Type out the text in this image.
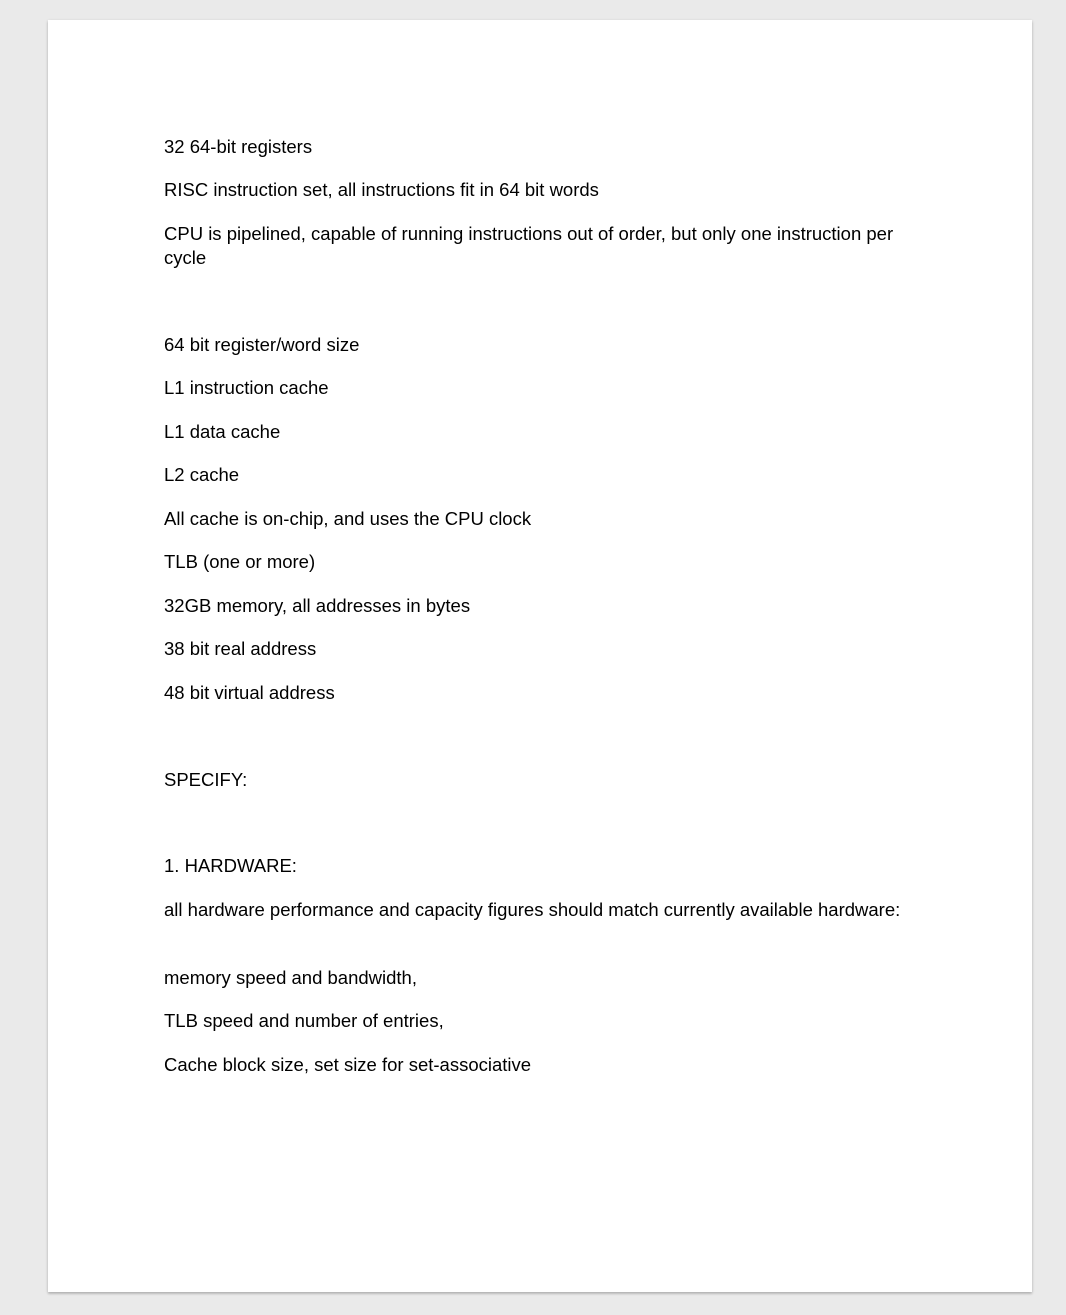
32 64-bit registers

RISC instruction set, all instructions fit in 64 bit words

CPU is pipelined, capable of running instructions out of order, but only one instruction per cycle

64 bit register/word size

L1 instruction cache

L1 data cache

L2 cache

All cache is on-chip, and uses the CPU clock

TLB (one or more)

32GB memory, all addresses in bytes

38 bit real address

48 bit virtual address

SPECIFY:

1. HARDWARE:

all hardware performance and capacity figures should match currently available hardware:

memory speed and bandwidth,

TLB speed and number of entries,

Cache block size, set size for set-associative
